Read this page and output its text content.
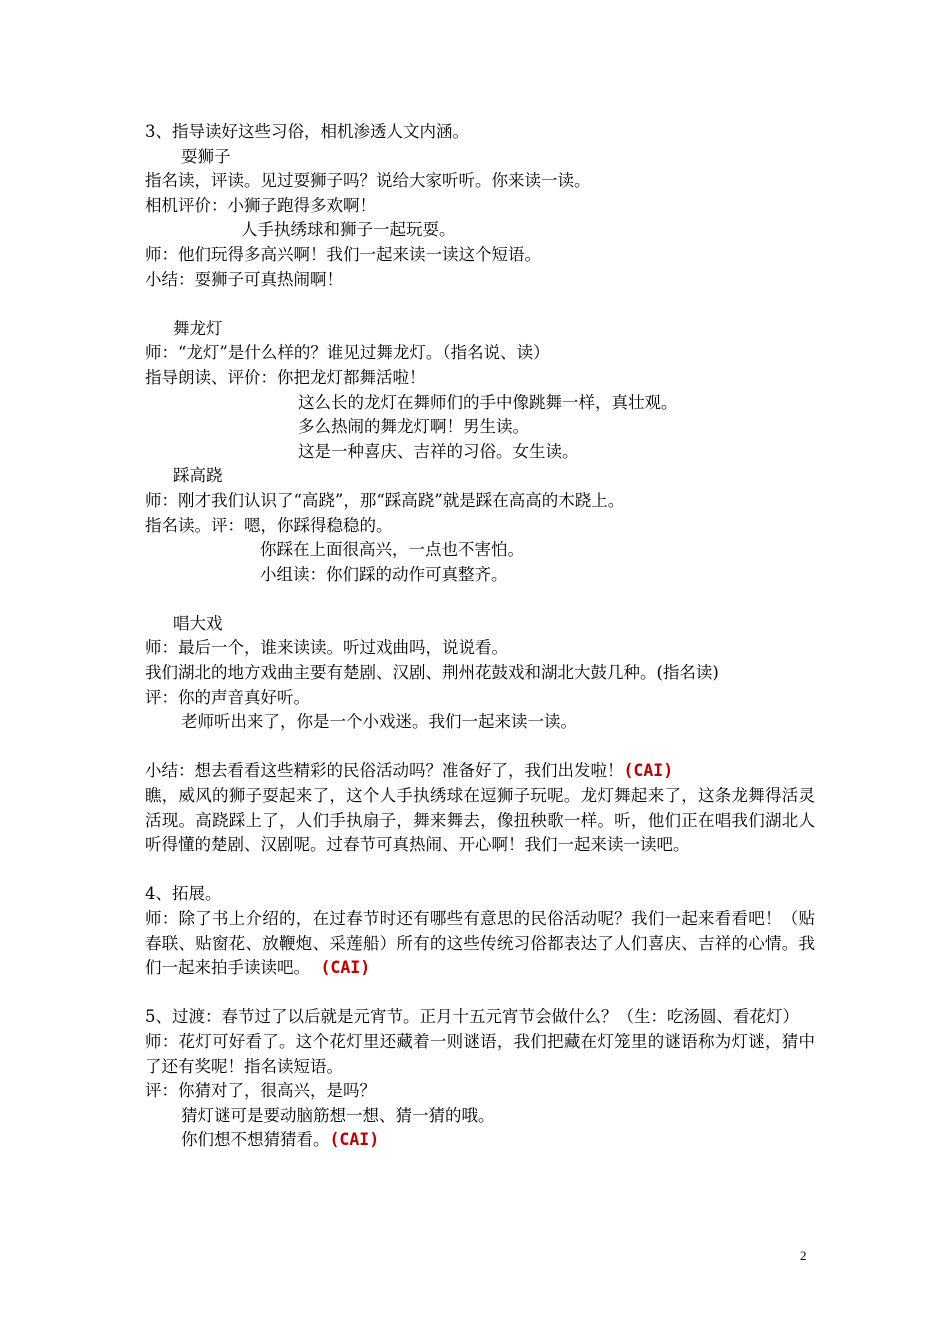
3、指导读好这些习俗，相机渗透人文内涵。
耍狮子
指名读，评读。见过耍狮子吗？说给大家听听。你来读一读。
相机评价：小狮子跑得多欢啊！
人手执绣球和狮子一起玩耍。
师：他们玩得多高兴啊！我们一起来读一读这个短语。
小结：耍狮子可真热闹啊！
舞龙灯
师：“龙灯”是什么样的？谁见过舞龙灯。（指名说、读）
指导朗读、评价：你把龙灯都舞活啦！
这么长的龙灯在舞师们的手中像跳舞一样，真壮观。
多么热闹的舞龙灯啊！男生读。
这是一种喜庆、吉祥的习俗。女生读。
踩高跷
师：刚才我们认识了“高跷”，那“踩高跷”就是踩在高高的木跷上。
指名读。评：嗯，你踩得稳稳的。
你踩在上面很高兴，一点也不害怕。
小组读：你们踩的动作可真整齐。
唱大戏
师：最后一个，谁来读读。听过戏曲吗，说说看。
我们湖北的地方戏曲主要有楚剧、汉剧、荆州花鼓戏和湖北大鼓几种。(指名读)
评：你的声音真好听。
老师听出来了，你是一个小戏迷。我们一起来读一读。
小结：想去看看这些精彩的民俗活动吗？准备好了，我们出发啦！(CAI)
瞧，威风的狮子耍起来了，这个人手执绣球在逗狮子玩呢。龙灯舞起来了，这条龙舞得活灵活现。高跷踩上了，人们手执扇子，舞来舞去，像扭秧歌一样。听，他们正在唱我们湖北人听得懂的楚剧、汉剧呢。过春节可真热闹、开心啊！我们一起来读一读吧。
4、拓展。
师：除了书上介绍的，在过春节时还有哪些有意思的民俗活动呢？我们一起来看看吧！（贴春联、贴窗花、放鞭炮、采莲船）所有的这些传统习俗都表达了人们喜庆、吉祥的心情。我们一起来拍手读读吧。 (CAI)
5、过渡：春节过了以后就是元宵节。正月十五元宵节会做什么？（生：吃汤圆、看花灯）
师：花灯可好看了。这个花灯里还藏着一则谜语，我们把藏在灯笼里的谜语称为灯谜，猜中了还有奖呢！指名读短语。
评：你猜对了，很高兴，是吗？
猜灯谜可是要动脑筋想一想、猜一猜的哦。
你们想不想猜猜看。(CAI)
2
